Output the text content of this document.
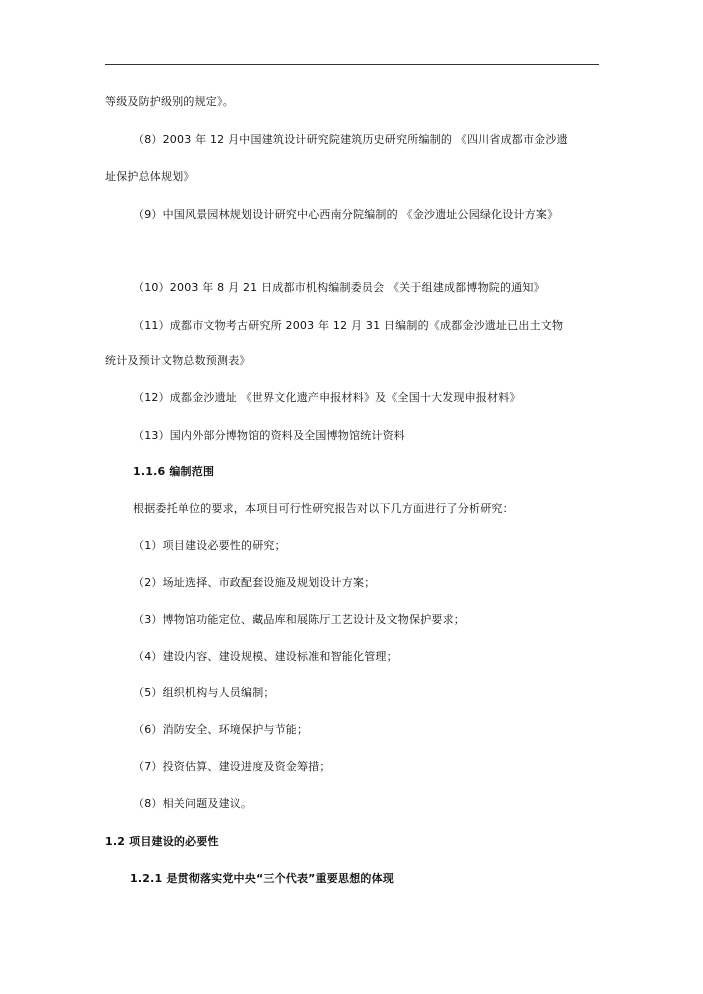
等级及防护级别的规定》。
（8）2003 年 12 月中国建筑设计研究院建筑历史研究所编制的 《四川省成都市金沙遗
址保护总体规划》
（9）中国风景园林规划设计研究中心西南分院编制的 《金沙遗址公园绿化设计方案》
（10）2003 年 8 月 21 日成都市机构编制委员会 《关于组建成都博物院的通知》
（11）成都市文物考古研究所 2003 年 12 月 31 日编制的《成都金沙遗址已出土文物
统计及预计文物总数预测表》
（12）成都金沙遗址 《世界文化遗产申报材料》及《全国十大发现申报材料》
（13）国内外部分博物馆的资料及全国博物馆统计资料
1.1.6 编制范围
根据委托单位的要求，本项目可行性研究报告对以下几方面进行了分析研究：
（1）项目建设必要性的研究；
（2）场址选择、市政配套设施及规划设计方案；
（3）博物馆功能定位、藏品库和展陈厅工艺设计及文物保护要求；
（4）建设内容、建设规模、建设标准和智能化管理；
（5）组织机构与人员编制；
（6）消防安全、环境保护与节能；
（7）投资估算、建设进度及资金筹措；
（8）相关问题及建议。
1.2 项目建设的必要性
1.2.1 是贯彻落实党中央“三个代表”重要思想的体现
